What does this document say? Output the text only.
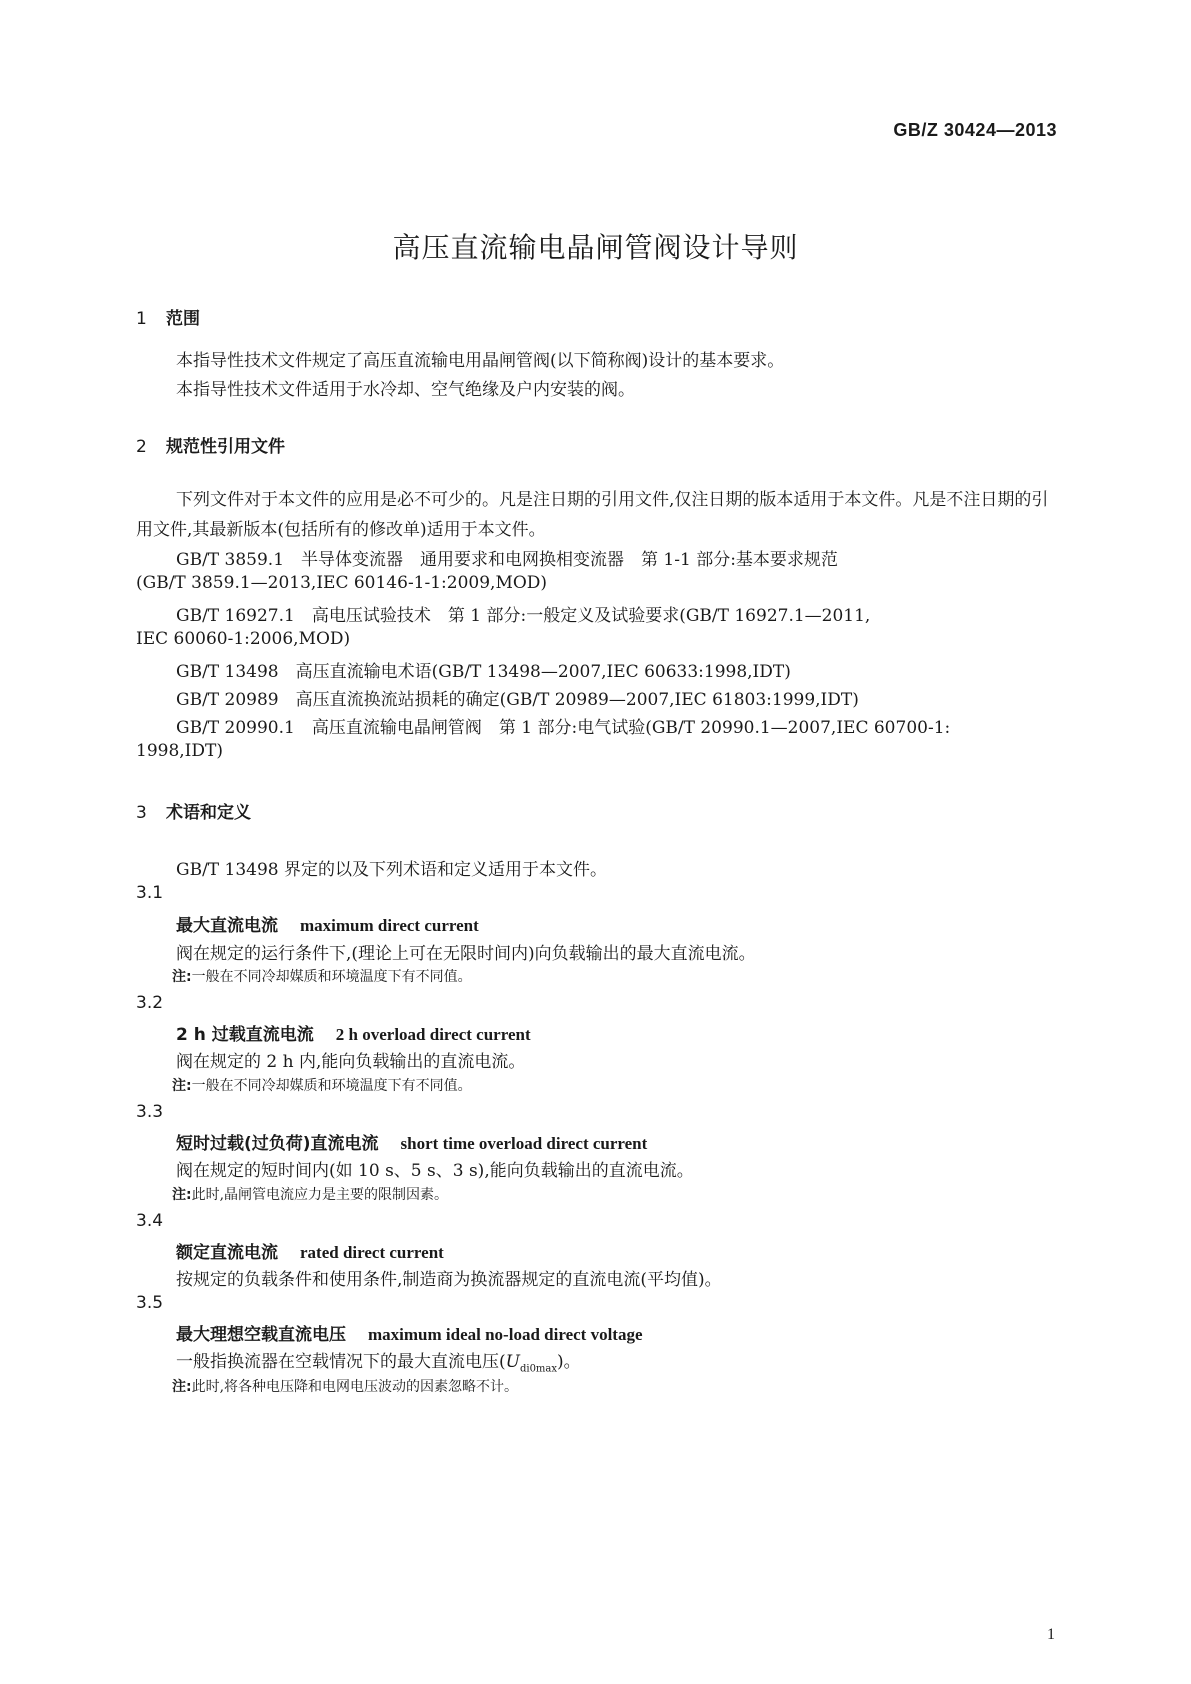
GB/Z 30424—2013
高压直流输电晶闸管阀设计导则
1 范围
本指导性技术文件规定了高压直流输电用晶闸管阀(以下简称阀)设计的基本要求。
本指导性技术文件适用于水冷却、空气绝缘及户内安装的阀。
2 规范性引用文件
下列文件对于本文件的应用是必不可少的。凡是注日期的引用文件,仅注日期的版本适用于本文件。凡是不注日期的引用文件,其最新版本(包括所有的修改单)适用于本文件。
GB/T 3859.1　半导体变流器　通用要求和电网换相变流器　第 1-1 部分:基本要求规范
(GB/T 3859.1—2013,IEC 60146-1-1:2009,MOD)
GB/T 16927.1　高电压试验技术　第 1 部分:一般定义及试验要求(GB/T 16927.1—2011,
IEC 60060-1:2006,MOD)
GB/T 13498　高压直流输电术语(GB/T 13498—2007,IEC 60633:1998,IDT)
GB/T 20989　高压直流换流站损耗的确定(GB/T 20989—2007,IEC 61803:1999,IDT)
GB/T 20990.1　高压直流输电晶闸管阀　第 1 部分:电气试验(GB/T 20990.1—2007,IEC 60700-1:
1998,IDT)
3 术语和定义
GB/T 13498 界定的以及下列术语和定义适用于本文件。
3.1
最大直流电流 maximum direct current
阀在规定的运行条件下,(理论上可在无限时间内)向负载输出的最大直流电流。
注:一般在不同冷却媒质和环境温度下有不同值。
3.2
2 h 过载直流电流 2 h overload direct current
阀在规定的 2 h 内,能向负载输出的直流电流。
注:一般在不同冷却媒质和环境温度下有不同值。
3.3
短时过载(过负荷)直流电流 short time overload direct current
阀在规定的短时间内(如 10 s、5 s、3 s),能向负载输出的直流电流。
注:此时,晶闸管电流应力是主要的限制因素。
3.4
额定直流电流 rated direct current
按规定的负载条件和使用条件,制造商为换流器规定的直流电流(平均值)。
3.5
最大理想空载直流电压 maximum ideal no-load direct voltage
一般指换流器在空载情况下的最大直流电压$(U_{di0max})$。
注:此时,将各种电压降和电网电压波动的因素忽略不计。
1
